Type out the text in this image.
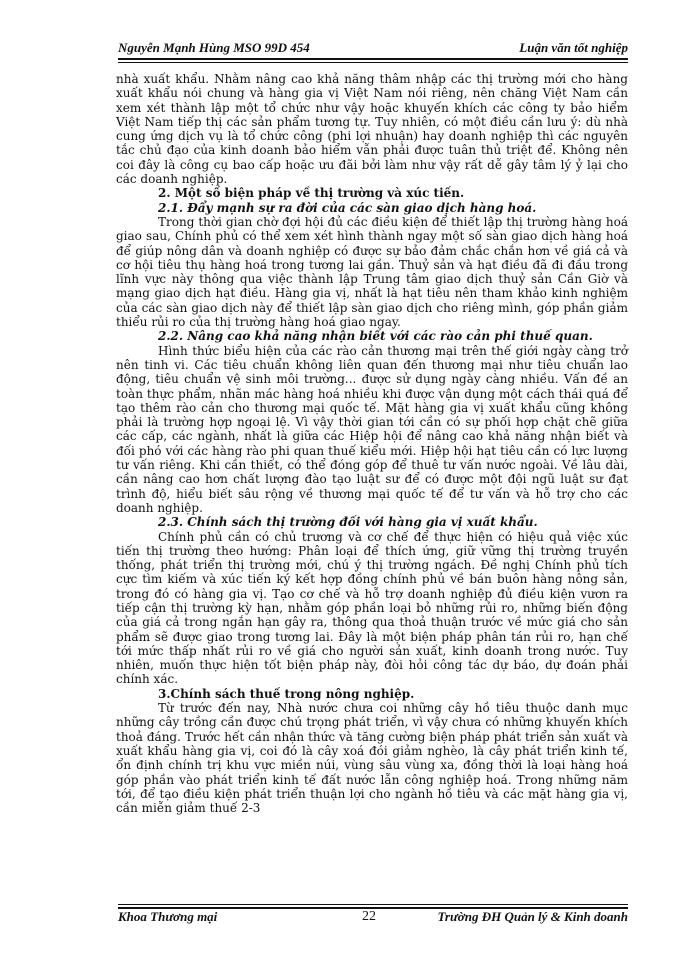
Nguyễn Mạnh Hùng MSO 99D 454	Luận văn tốt nghiệp

nhà xuất khẩu. Nhằm nâng cao khả năng thâm nhập các thị trường mới cho hàng xuất khẩu nói chung và hàng gia vị Việt Nam nói riêng, nên chăng Việt Nam cần xem xét thành lập một tổ chức như vậy hoặc khuyến khích các công ty bảo hiểm Việt Nam tiếp thị các sản phẩm tương tự. Tuy nhiên, có một điều cần lưu ý: dù nhà cung ứng dịch vụ là tổ chức công (phi lợi nhuận) hay doanh nghiệp thì các nguyên tắc chủ đạo của kinh doanh bảo hiểm vẫn phải được tuân thủ triệt để. Không nên coi đây là công cụ bao cấp hoặc ưu đãi bởi làm như vậy rất dễ gây tâm lý ỷ lại cho các doanh nghiệp.

2. Một số biện pháp về thị trường và xúc tiến.
2.1. Đẩy mạnh sự ra đời của các sàn giao dịch hàng hoá.

Trong thời gian chờ đợi hội đủ các điều kiện để thiết lập thị trường hàng hoá giao sau, Chính phủ có thể xem xét hình thành ngay một số sàn giao dịch hàng hoá để giúp nông dân và doanh nghiệp có được sự bảo đảm chắc chắn hơn về giá cả và cơ hội tiêu thụ hàng hoá trong tương lai gần. Thuỷ sản và hạt điều đã đi đầu trong lĩnh vực này thông qua việc thành lập Trung tâm giao dịch thuỷ sản Cần Giờ và mạng giao dịch hạt điều. Hàng gia vị, nhất là hạt tiêu nên tham khảo kinh nghiệm của các sàn giao dịch này để thiết lập sàn giao dịch cho riêng mình, góp phần giảm thiểu rủi ro của thị trường hàng hoá giao ngay.

2.2. Nâng cao khả năng nhận biết với các rào cản phi thuế quan.

Hình thức biểu hiện của các rào cản thương mại trên thế giới ngày càng trở nên tinh vi. Các tiêu chuẩn không liên quan đến thương mại như tiêu chuẩn lao động, tiêu chuẩn vệ sinh môi trường... được sử dụng ngày càng nhiều. Vấn đề an toàn thực phẩm, nhãn mác hàng hoá nhiều khi được vận dụng một cách thái quá để tạo thêm rào cản cho thương mại quốc tế. Mặt hàng gia vị xuất khẩu cũng không phải là trường hợp ngoại lệ. Vì vậy thời gian tới cần có sự phối hợp chặt chẽ giữa các cấp, các ngành, nhất là giữa các Hiệp hội để nâng cao khả năng nhận biết và đối phó với các hàng rào phi quan thuế kiểu mới. Hiệp hội hạt tiêu cần có lực lượng tư vấn riêng. Khi cần thiết, có thể đóng góp để thuê tư vấn nước ngoài. Về lâu dài, cần nâng cao hơn chất lượng đào tạo luật sư để có được một đội ngũ luật sư đạt trình độ, hiểu biết sâu rộng về thương mại quốc tế để tư vấn và hỗ trợ cho các doanh nghiệp.

2.3. Chính sách thị trường đối với hàng gia vị xuất khẩu.

Chính phủ cần có chủ trương và cơ chế để thực hiện có hiệu quả việc xúc tiến thị trường theo hướng: Phân loại để thích ứng, giữ vững thị trường truyền thống, phát triển thị trường mới, chú ý thị trường ngách. Đề nghị Chính phủ tích cực tìm kiếm và xúc tiến ký kết hợp đồng chính phủ về bán buôn hàng nông sản, trong đó có hàng gia vị. Tạo cơ chế và hỗ trợ doanh nghiệp đủ điều kiện vươn ra tiếp cận thị trường kỳ hạn, nhằm góp phần loại bỏ những rủi ro, những biến động của giá cả trong ngắn hạn gây ra, thông qua thoả thuận trước về mức giá cho sản phẩm sẽ được giao trong tương lai. Đây là một biện pháp phân tán rủi ro, hạn chế tới mức thấp nhất rủi ro về giá cho người sản xuất, kinh doanh trong nước. Tuy nhiên, muốn thực hiện tốt biện pháp này, đòi hỏi công tác dự báo, dự đoán phải chính xác.

3.Chính sách thuế trong nông nghiệp.

Từ trước đến nay, Nhà nước chưa coi những cây hồ tiêu thuộc danh mục những cây trồng cần được chú trọng phát triển, vì vậy chưa có những khuyến khích thoả đáng. Trước hết cần nhận thức và tăng cường biện pháp phát triển sản xuất và xuất khẩu hàng gia vị, coi đó là cây xoá đói giảm nghèo, là cây phát triển kinh tế, ổn định chính trị khu vực miền núi, vùng sâu vùng xa, đồng thời là loại hàng hoá góp phần vào phát triển kinh tế đất nước lẫn công nghiệp hoá. Trong những năm tới, để tạo điều kiện phát triển thuận lợi cho ngành hồ tiêu và các mặt hàng gia vị, cần miễn giảm thuế 2-3

Khoa Thương mại	22	Trường ĐH Quản lý & Kinh doanh
